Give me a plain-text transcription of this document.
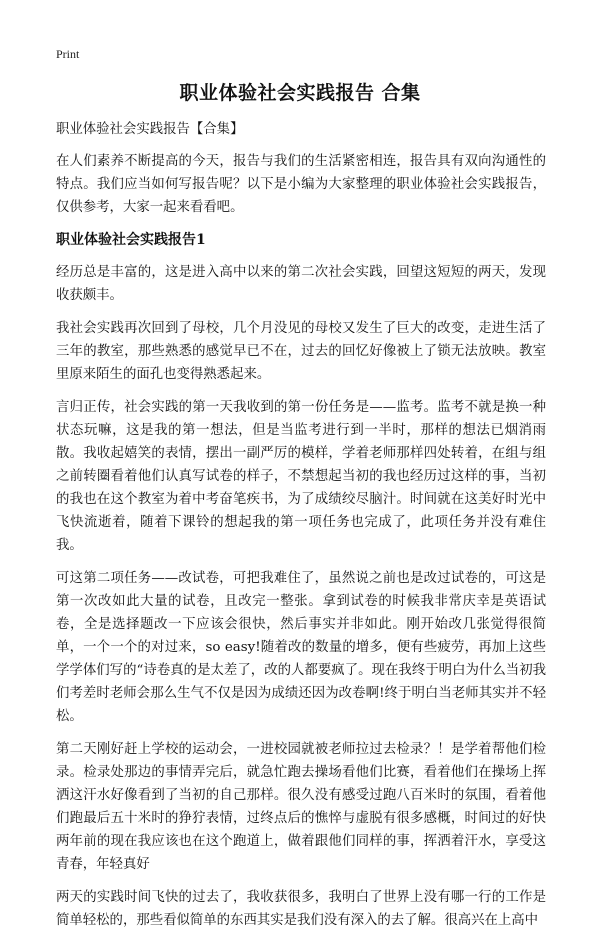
Print
职业体验社会实践报告 合集

职业体验社会实践报告【合集】

在人们素养不断提高的今天，报告与我们的生活紧密相连，报告具有双向沟通性的特点。我们应当如何写报告呢？以下是小编为大家整理的职业体验社会实践报告，仅供参考，大家一起来看看吧。

职业体验社会实践报告1

经历总是丰富的，这是进入高中以来的第二次社会实践，回望这短短的两天，发现收获颇丰。

我社会实践再次回到了母校，几个月没见的母校又发生了巨大的改变，走进生活了三年的教室，那些熟悉的感觉早已不在，过去的回忆好像被上了锁无法放映。教室里原来陌生的面孔也变得熟悉起来。

言归正传，社会实践的第一天我收到的第一份任务是——监考。监考不就是换一种状态玩嘛，这是我的第一想法，但是当监考进行到一半时，那样的想法已烟消雨散。我收起嬉笑的表情，摆出一副严厉的模样，学着老师那样四处转着，在组与组之前转圈看着他们认真写试卷的样子，不禁想起当初的我也经历过这样的事，当初的我也在这个教室为着中考奋笔疾书，为了成绩绞尽脑汁。时间就在这美好时光中飞快流逝着，随着下课铃的想起我的第一项任务也完成了，此项任务并没有难住我。

可这第二项任务——改试卷，可把我难住了，虽然说之前也是改过试卷的，可这是第一次改如此大量的试卷，且改完一整张。拿到试卷的时候我非常庆幸是英语试卷，全是选择题改一下应该会很快，然后事实并非如此。刚开始改几张觉得很简单，一个一个的对过来，so easy!随着改的数量的增多，便有些疲劳，再加上这些学学体们写的“诗卷真的是太差了，改的人都要疯了。现在我终于明白为什么当初我们考差时老师会那么生气不仅是因为成绩还因为改卷啊!终于明白当老师其实并不轻松。

第二天刚好赶上学校的运动会，一进校园就被老师拉过去检录？！是学着帮他们检录。检录处那边的事情弄完后，就急忙跑去操场看他们比赛，看着他们在操场上挥洒这汗水好像看到了当初的自己那样。很久没有感受过跑八百米时的氛围，看着他们跑最后五十米时的狰狞表情，过终点后的憔悴与虚脱有很多感概，时间过的好快两年前的现在我应该也在这个跑道上，做着跟他们同样的事，挥洒着汗水，享受这青春，年轻真好

两天的实践时间飞快的过去了，我收获很多，我明白了世界上没有哪一行的工作是简单轻松的，那些看似简单的东西其实是我们没有深入的去了解。很高兴在上高中
